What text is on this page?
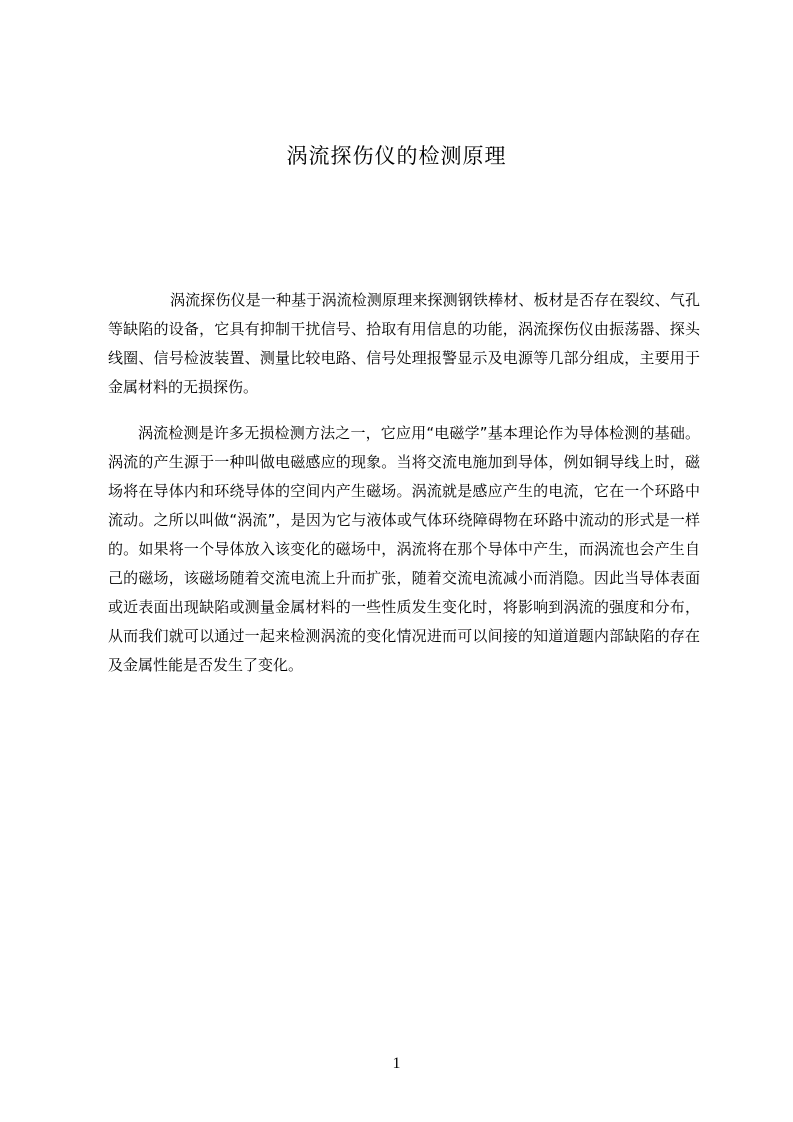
涡流探伤仪的检测原理

涡流探伤仪是一种基于涡流检测原理来探测钢铁棒材、板材是否存在裂纹、气孔等缺陷的设备，它具有抑制干扰信号、拾取有用信息的功能，涡流探伤仪由振荡器、探头线圈、信号检波装置、测量比较电路、信号处理报警显示及电源等几部分组成，主要用于金属材料的无损探伤。

涡流检测是许多无损检测方法之一，它应用“电磁学”基本理论作为导体检测的基础。涡流的产生源于一种叫做电磁感应的现象。当将交流电施加到导体，例如铜导线上时，磁场将在导体内和环绕导体的空间内产生磁场。涡流就是感应产生的电流，它在一个环路中流动。之所以叫做“涡流”，是因为它与液体或气体环绕障碍物在环路中流动的形式是一样的。如果将一个导体放入该变化的磁场中，涡流将在那个导体中产生，而涡流也会产生自己的磁场，该磁场随着交流电流上升而扩张，随着交流电流减小而消隐。因此当导体表面或近表面出现缺陷或测量金属材料的一些性质发生变化时，将影响到涡流的强度和分布，从而我们就可以通过一起来检测涡流的变化情况进而可以间接的知道道题内部缺陷的存在及金属性能是否发生了变化。

1
